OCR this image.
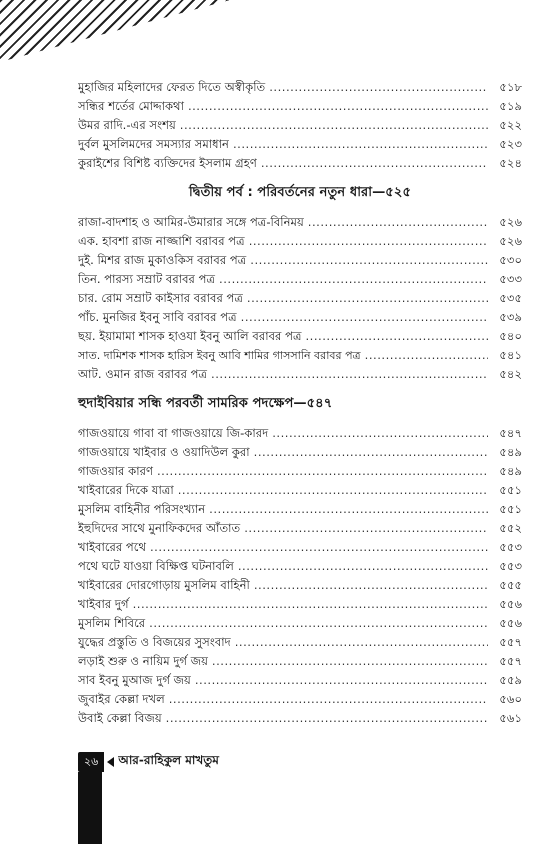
মুহাজির মহিলাদের ফেরত দিতে অস্বীকৃতি .....	৫১৮
সন্ধির শর্তের মোদ্দাকথা .....	৫১৯
উমর রাদি.-এর সংশয় .....	৫২২
দুর্বল মুসলিমদের সমস্যার সমাধান .....	৫২৩
কুরাইশের বিশিষ্ট ব্যক্তিদের ইসলাম গ্রহণ .....	৫২৪
দ্বিতীয় পর্ব : পরিবর্তনের নতুন ধারা—৫২৫
রাজা-বাদশাহ ও আমির-উমারার সঙ্গে পত্র-বিনিময় .....	৫২৬
এক. হাবশা রাজ নাজ্জাশি বরাবর পত্র .....	৫২৬
দুই. মিশর রাজ মুকাওকিস বরাবর পত্র .....	৫৩০
তিন. পারস্য সম্রাট বরাবর পত্র .....	৫৩৩
চার. রোম সম্রাট কাইসার বরাবর পত্র .....	৫৩৫
পাঁচ. মুনজির ইবনু সাবি বরাবর পত্র .....	৫৩৯
ছয়. ইয়ামামা শাসক হাওযা ইবনু আলি বরাবর পত্র .....	৫৪০
সাত. দামিশক শাসক হারিস ইবনু আবি শামির গাসসানি বরাবর পত্র .....	৫৪১
আট. ওমান রাজ বরাবর পত্র .....	৫৪২
হুদাইবিয়ার সন্ধি পরবর্তী সামরিক পদক্ষেপ—৫৪৭
গাজওয়ায়ে গাবা বা গাজওয়ায়ে জি-কারদ .....	৫৪৭
গাজওয়ায়ে খাইবার ও ওয়াদিউল কুরা .....	৫৪৯
গাজওয়ার কারণ .....	৫৪৯
খাইবারের দিকে যাত্রা .....	৫৫১
মুসলিম বাহিনীর পরিসংখ্যান .....	৫৫১
ইহুদিদের সাথে মুনাফিকদের আঁতাত .....	৫৫২
খাইবারের পথে .....	৫৫৩
পথে ঘটে যাওয়া বিক্ষিপ্ত ঘটনাবলি .....	৫৫৩
খাইবারের দোরগোড়ায় মুসলিম বাহিনী .....	৫৫৫
খাইবার দুর্গ .....	৫৫৬
মুসলিম শিবিরে .....	৫৫৬
যুদ্ধের প্রস্তুতি ও বিজয়ের সুসংবাদ .....	৫৫৭
লড়াই শুরু ও নায়িম দুর্গ জয় .....	৫৫৭
সাব ইবনু মুআজ দুর্গ জয় .....	৫৫৯
জুবাইর কেল্লা দখল .....	৫৬০
উবাই কেল্লা বিজয় .....	৫৬১
২৬	আর-রাহিকুল মাখতুম
